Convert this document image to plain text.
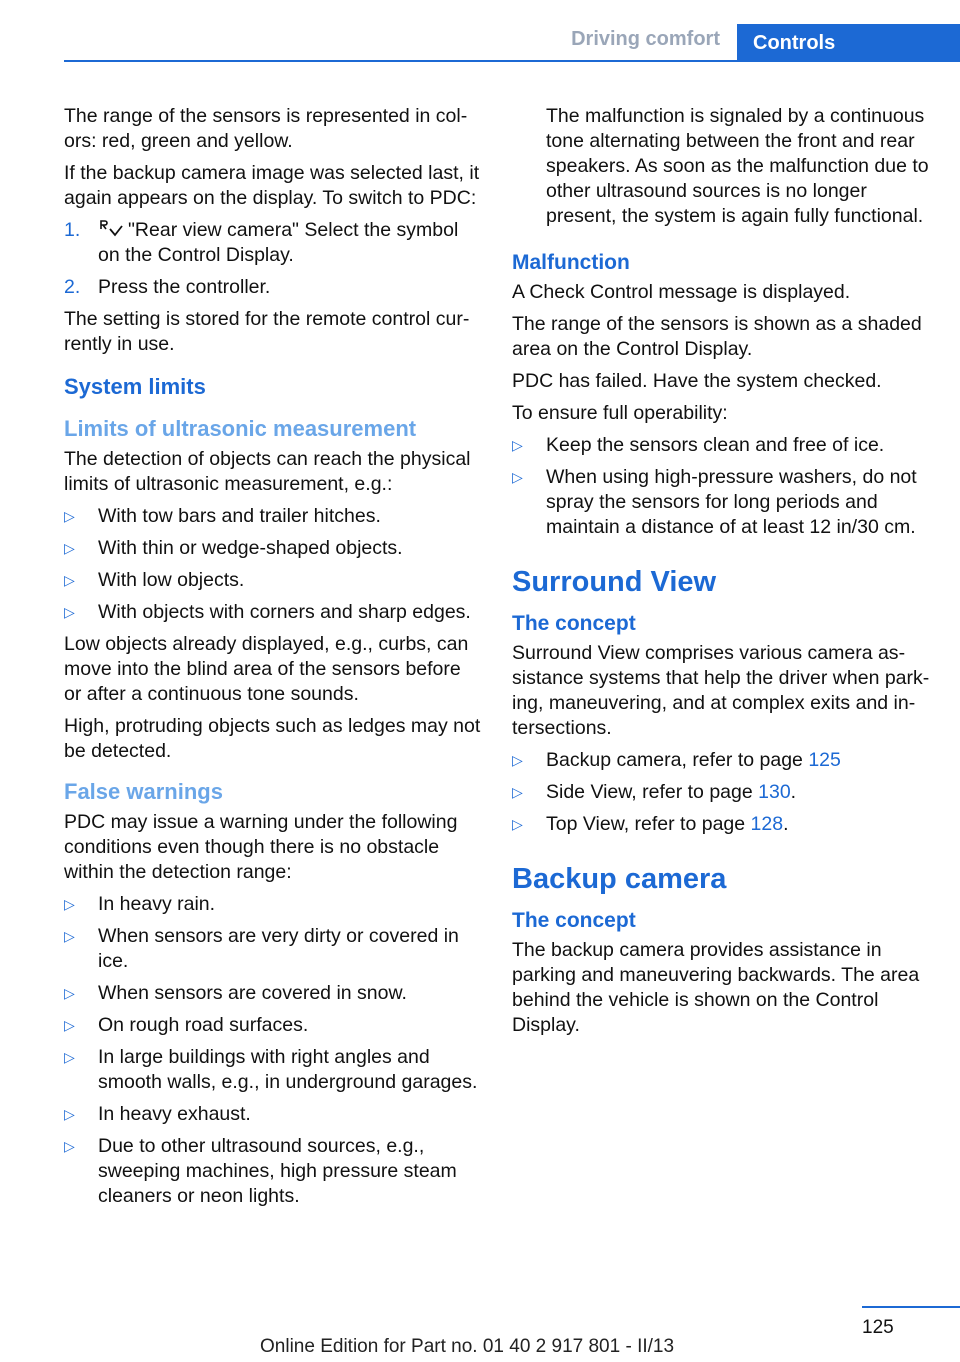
Driving comfort	Controls

The range of the sensors is represented in colors: red, green and yellow.

If the backup camera image was selected last, it again appears on the display. To switch to PDC:

1. "Rear view camera" Select the symbol on the Control Display.
2. Press the controller.

The setting is stored for the remote control currently in use.

System limits
Limits of ultrasonic measurement

The detection of objects can reach the physical limits of ultrasonic measurement, e.g.:

▷ With tow bars and trailer hitches.
▷ With thin or wedge-shaped objects.
▷ With low objects.
▷ With objects with corners and sharp edges.

Low objects already displayed, e.g., curbs, can move into the blind area of the sensors before or after a continuous tone sounds.

High, protruding objects such as ledges may not be detected.

False warnings

PDC may issue a warning under the following conditions even though there is no obstacle within the detection range:

▷ In heavy rain.
▷ When sensors are very dirty or covered in ice.
▷ When sensors are covered in snow.
▷ On rough road surfaces.
▷ In large buildings with right angles and smooth walls, e.g., in underground garages.
▷ In heavy exhaust.
▷ Due to other ultrasound sources, e.g., sweeping machines, high pressure steam cleaners or neon lights.

The malfunction is signaled by a continuous tone alternating between the front and rear speakers. As soon as the malfunction due to other ultrasound sources is no longer present, the system is again fully functional.

Malfunction

A Check Control message is displayed.

The range of the sensors is shown as a shaded area on the Control Display.

PDC has failed. Have the system checked.

To ensure full operability:

▷ Keep the sensors clean and free of ice.
▷ When using high-pressure washers, do not spray the sensors for long periods and maintain a distance of at least 12 in/30 cm.
Surround View
The concept

Surround View comprises various camera assistance systems that help the driver when parking, maneuvering, and at complex exits and intersections.

▷ Backup camera, refer to page 125
▷ Side View, refer to page 130.
▷ Top View, refer to page 128.
Backup camera
The concept

The backup camera provides assistance in parking and maneuvering backwards. The area behind the vehicle is shown on the Control Display.

125
Online Edition for Part no. 01 40 2 917 801 - II/13
